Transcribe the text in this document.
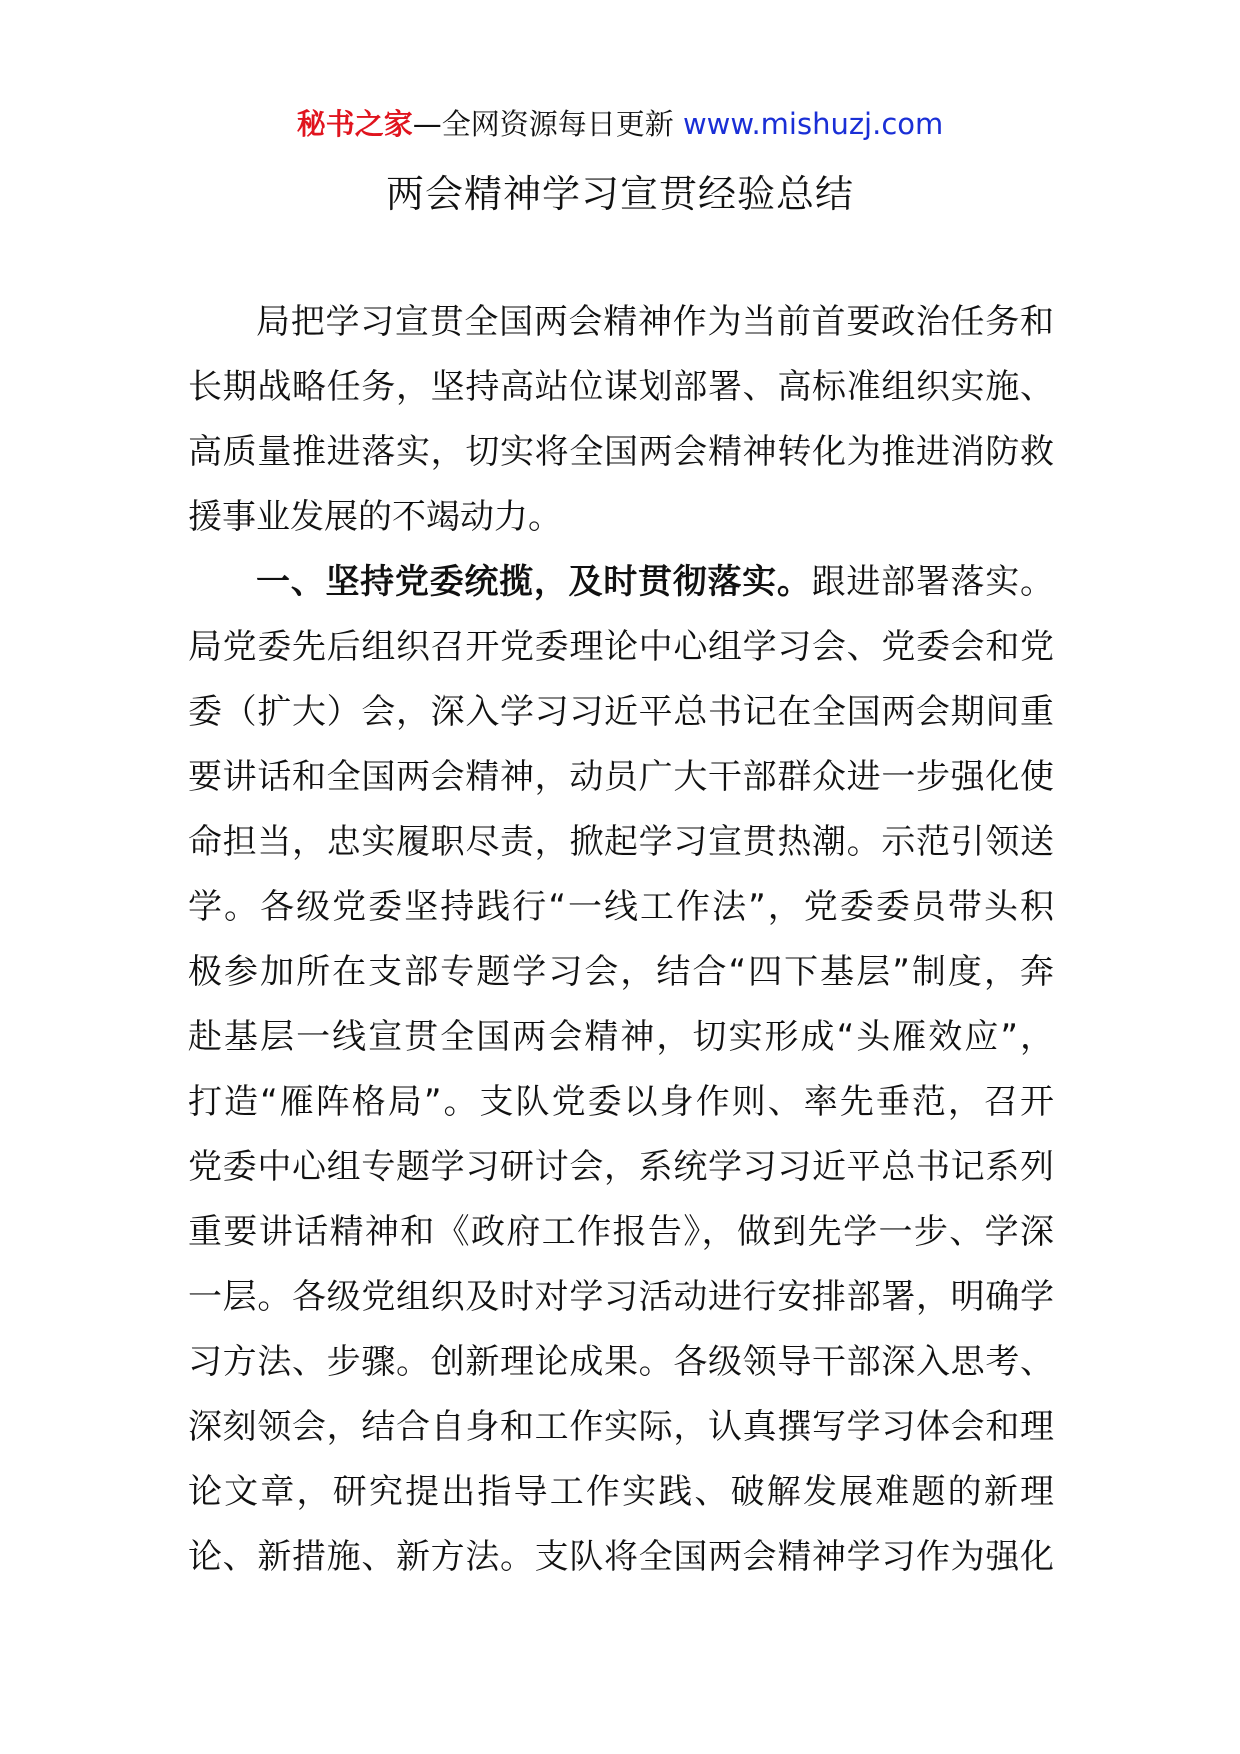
秘书之家—全网资源每日更新 www.mishuzj.com
两会精神学习宣贯经验总结
局把学习宣贯全国两会精神作为当前首要政治任务和
长期战略任务，坚持高站位谋划部署、高标准组织实施、
高质量推进落实，切实将全国两会精神转化为推进消防救
援事业发展的不竭动力。
一、坚持党委统揽，及时贯彻落实。跟进部署落实。
局党委先后组织召开党委理论中心组学习会、党委会和党
委（扩大）会，深入学习习近平总书记在全国两会期间重
要讲话和全国两会精神，动员广大干部群众进一步强化使
命担当，忠实履职尽责，掀起学习宣贯热潮。示范引领送
学。各级党委坚持践行“一线工作法”，党委委员带头积
极参加所在支部专题学习会，结合“四下基层”制度，奔
赴基层一线宣贯全国两会精神，切实形成“头雁效应”，
打造“雁阵格局”。支队党委以身作则、率先垂范，召开
党委中心组专题学习研讨会，系统学习习近平总书记系列
重要讲话精神和《政府工作报告》，做到先学一步、学深
一层。各级党组织及时对学习活动进行安排部署，明确学
习方法、步骤。创新理论成果。各级领导干部深入思考、
深刻领会，结合自身和工作实际，认真撰写学习体会和理
论文章，研究提出指导工作实践、破解发展难题的新理
论、新措施、新方法。支队将全国两会精神学习作为强化
